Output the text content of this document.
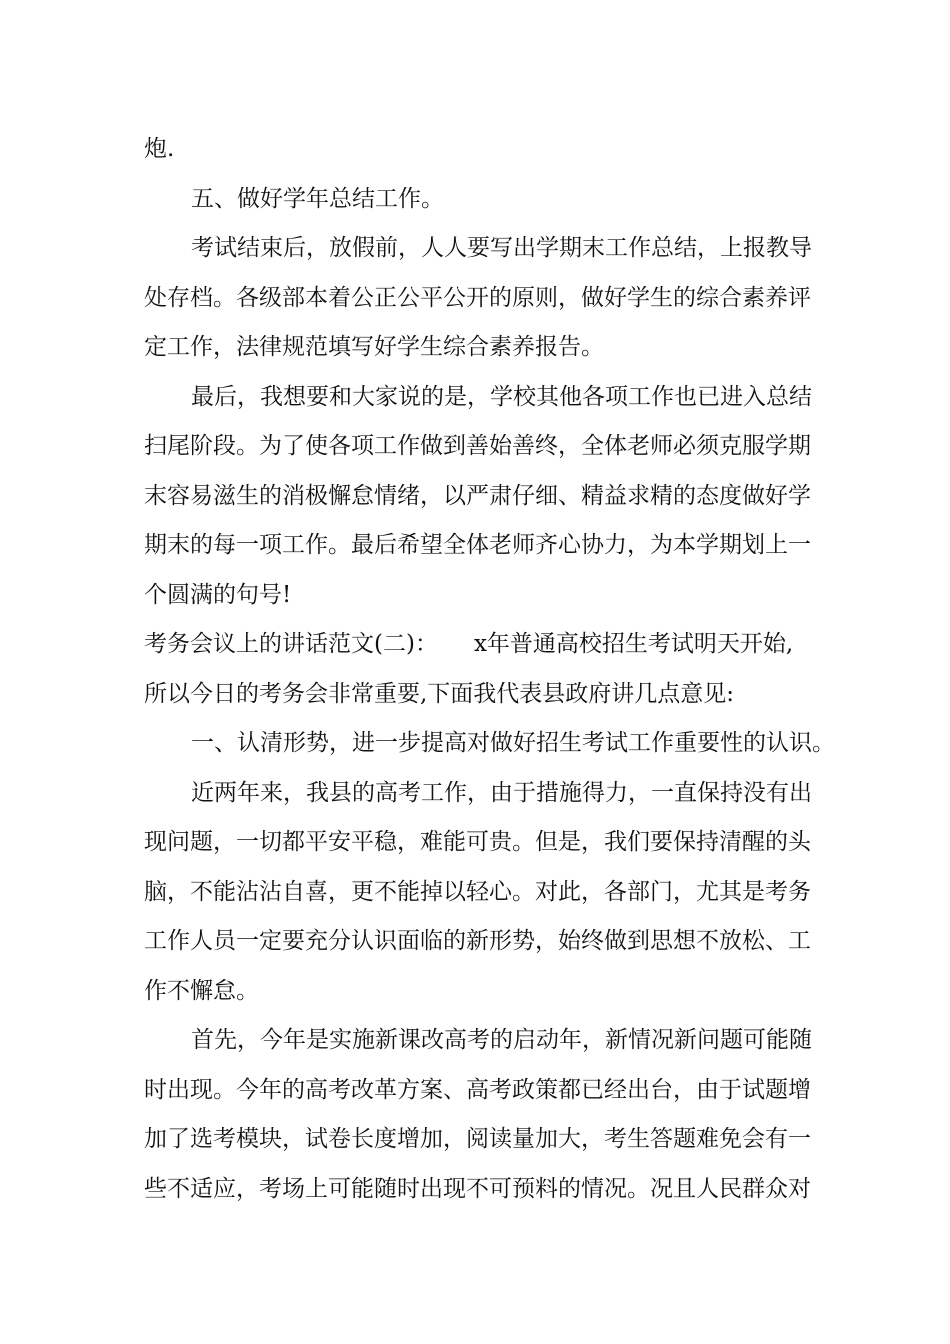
炮.
五、做好学年总结工作。
考试结束后，放假前，人人要写出学期末工作总结，上报教导
处存档。各级部本着公正公平公开的原则，做好学生的综合素养评
定工作，法律规范填写好学生综合素养报告。
最后，我想要和大家说的是，学校其他各项工作也已进入总结
扫尾阶段。为了使各项工作做到善始善终，全体老师必须克服学期
末容易滋生的消极懈怠情绪，以严肃仔细、精益求精的态度做好学
期末的每一项工作。最后希望全体老师齐心协力，为本学期划上一
个圆满的句号!
考务会议上的讲话范文(二)： x年普通高校招生考试明天开始,
所以今日的考务会非常重要,下面我代表县政府讲几点意见:
一、认清形势，进一步提高对做好招生考试工作重要性的认识。
近两年来，我县的高考工作，由于措施得力，一直保持没有出
现问题，一切都平安平稳，难能可贵。但是，我们要保持清醒的头
脑，不能沾沾自喜，更不能掉以轻心。对此，各部门，尤其是考务
工作人员一定要充分认识面临的新形势，始终做到思想不放松、工
作不懈怠。
首先，今年是实施新课改高考的启动年，新情况新问题可能随
时出现。今年的高考改革方案、高考政策都已经出台，由于试题增
加了选考模块，试卷长度增加，阅读量加大，考生答题难免会有一
些不适应，考场上可能随时出现不可预料的情况。况且人民群众对
